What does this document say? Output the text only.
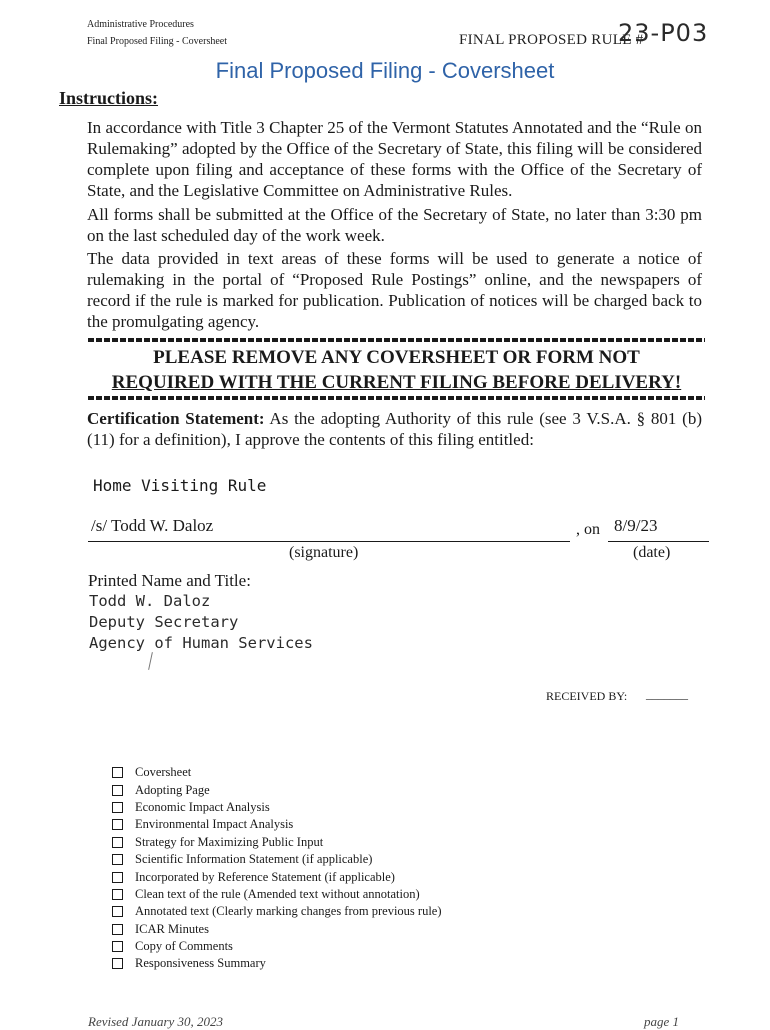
Administrative Procedures
Final Proposed Filing - Coversheet	FINAL PROPOSED RULE #
23-P03
Final Proposed Filing - Coversheet
Instructions:
In accordance with Title 3 Chapter 25 of the Vermont Statutes Annotated and the “Rule on Rulemaking” adopted by the Office of the Secretary of State, this filing will be considered complete upon filing and acceptance of these forms with the Office of the Secretary of State, and the Legislative Committee on Administrative Rules.
All forms shall be submitted at the Office of the Secretary of State, no later than 3:30 pm on the last scheduled day of the work week.
The data provided in text areas of these forms will be used to generate a notice of rulemaking in the portal of “Proposed Rule Postings” online, and the newspapers of record if the rule is marked for publication. Publication of notices will be charged back to the promulgating agency.
PLEASE REMOVE ANY COVERSHEET OR FORM NOT
REQUIRED WITH THE CURRENT FILING BEFORE DELIVERY!
Certification Statement: As the adopting Authority of this rule (see 3 V.S.A. § 801 (b) (11) for a definition), I approve the contents of this filing entitled:
Home Visiting Rule
/s/ Todd W. Daloz	, on 8/9/23
(signature)	(date)
Printed Name and Title:
Todd W. Daloz
Deputy Secretary
Agency of Human Services
RECEIVED BY: _______
Coversheet
Adopting Page
Economic Impact Analysis
Environmental Impact Analysis
Strategy for Maximizing Public Input
Scientific Information Statement (if applicable)
Incorporated by Reference Statement (if applicable)
Clean text of the rule (Amended text without annotation)
Annotated text (Clearly marking changes from previous rule)
ICAR Minutes
Copy of Comments
Responsiveness Summary
Revised January 30, 2023	page 1
